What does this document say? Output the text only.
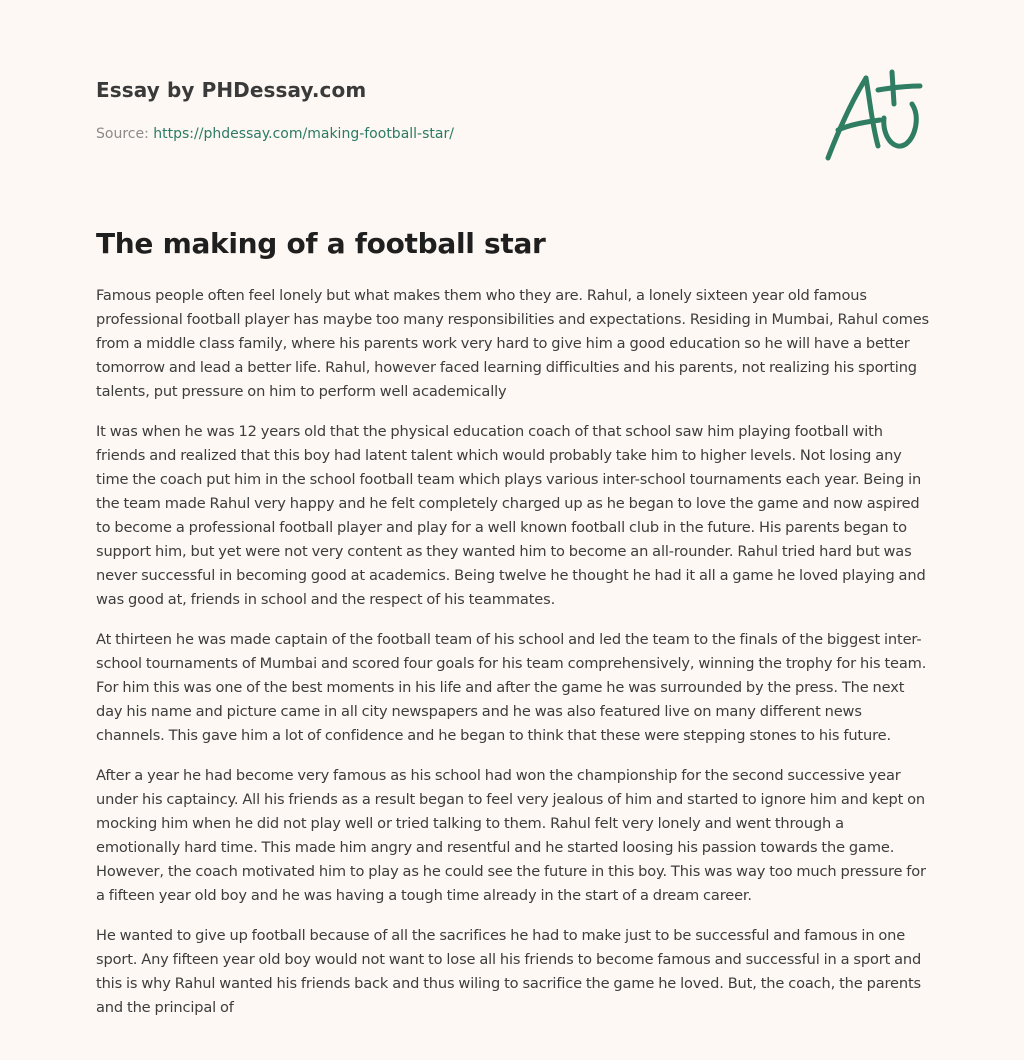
Essay by PHDessay.com
Source: https://phdessay.com/making-football-star/
The making of a football star

Famous people often feel lonely but what makes them who they are. Rahul, a lonely sixteen year old famous professional football player has maybe too many responsibilities and expectations. Residing in Mumbai, Rahul comes from a middle class family, where his parents work very hard to give him a good education so he will have a better tomorrow and lead a better life. Rahul, however faced learning difficulties and his parents, not realizing his sporting talents, put pressure on him to perform well academically

It was when he was 12 years old that the physical education coach of that school saw him playing football with friends and realized that this boy had latent talent which would probably take him to higher levels. Not losing any time the coach put him in the school football team which plays various inter-school tournaments each year. Being in the team made Rahul very happy and he felt completely charged up as he began to love the game and now aspired to become a professional football player and play for a well known football club in the future. His parents began to support him, but yet were not very content as they wanted him to become an all-rounder. Rahul tried hard but was never successful in becoming good at academics. Being twelve he thought he had it all a game he loved playing and was good at, friends in school and the respect of his teammates.

At thirteen he was made captain of the football team of his school and led the team to the finals of the biggest inter-school tournaments of Mumbai and scored four goals for his team comprehensively, winning the trophy for his team. For him this was one of the best moments in his life and after the game he was surrounded by the press. The next day his name and picture came in all city newspapers and he was also featured live on many different news channels. This gave him a lot of confidence and he began to think that these were stepping stones to his future.

After a year he had become very famous as his school had won the championship for the second successive year under his captaincy. All his friends as a result began to feel very jealous of him and started to ignore him and kept on mocking him when he did not play well or tried talking to them. Rahul felt very lonely and went through a emotionally hard time. This made him angry and resentful and he started loosing his passion towards the game. However, the coach motivated him to play as he could see the future in this boy. This was way too much pressure for a fifteen year old boy and he was having a tough time already in the start of a dream career.

He wanted to give up football because of all the sacrifices he had to make just to be successful and famous in one sport. Any fifteen year old boy would not want to lose all his friends to become famous and successful in a sport and this is why Rahul wanted his friends back and thus wiling to sacrifice the game he loved. But, the coach, the parents and the principal of
